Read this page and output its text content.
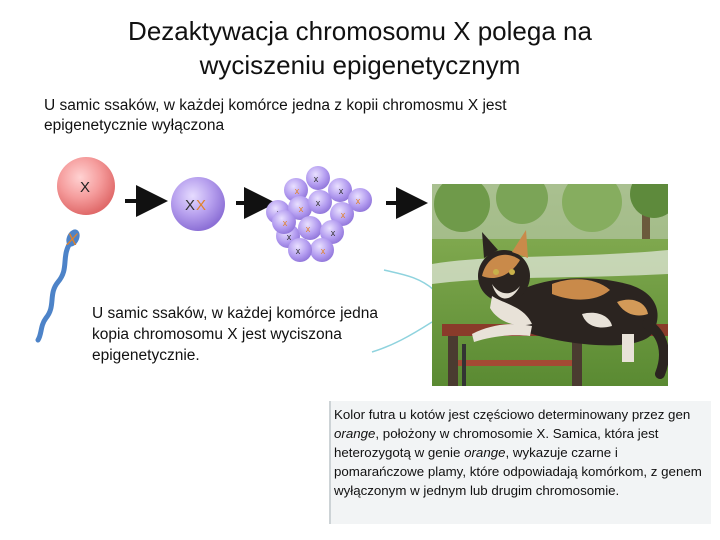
Dezaktywacja chromosomu X polega na
wyciszeniu epigenetycznym
U samic ssaków, w każdej komórce jedna z kopii chromosmu X jest
epigenetycznie wyłączona
X
X
X X
x
x	x
x
x
x
x
x
x x
x
x
x
U samic ssaków, w każdej komórce jedna
kopia chromosomu X jest wyciszona
epigenetycznie.
Kolor futra u kotów jest częściowo determinowany przez gen orange, położony w chromosomie X. Samica, która jest heterozygotą w genie orange, wykazuje czarne i pomarańczowe plamy, które odpowiadają komórkom, z genem wyłączonym w jednym lub drugim chromosomie.
